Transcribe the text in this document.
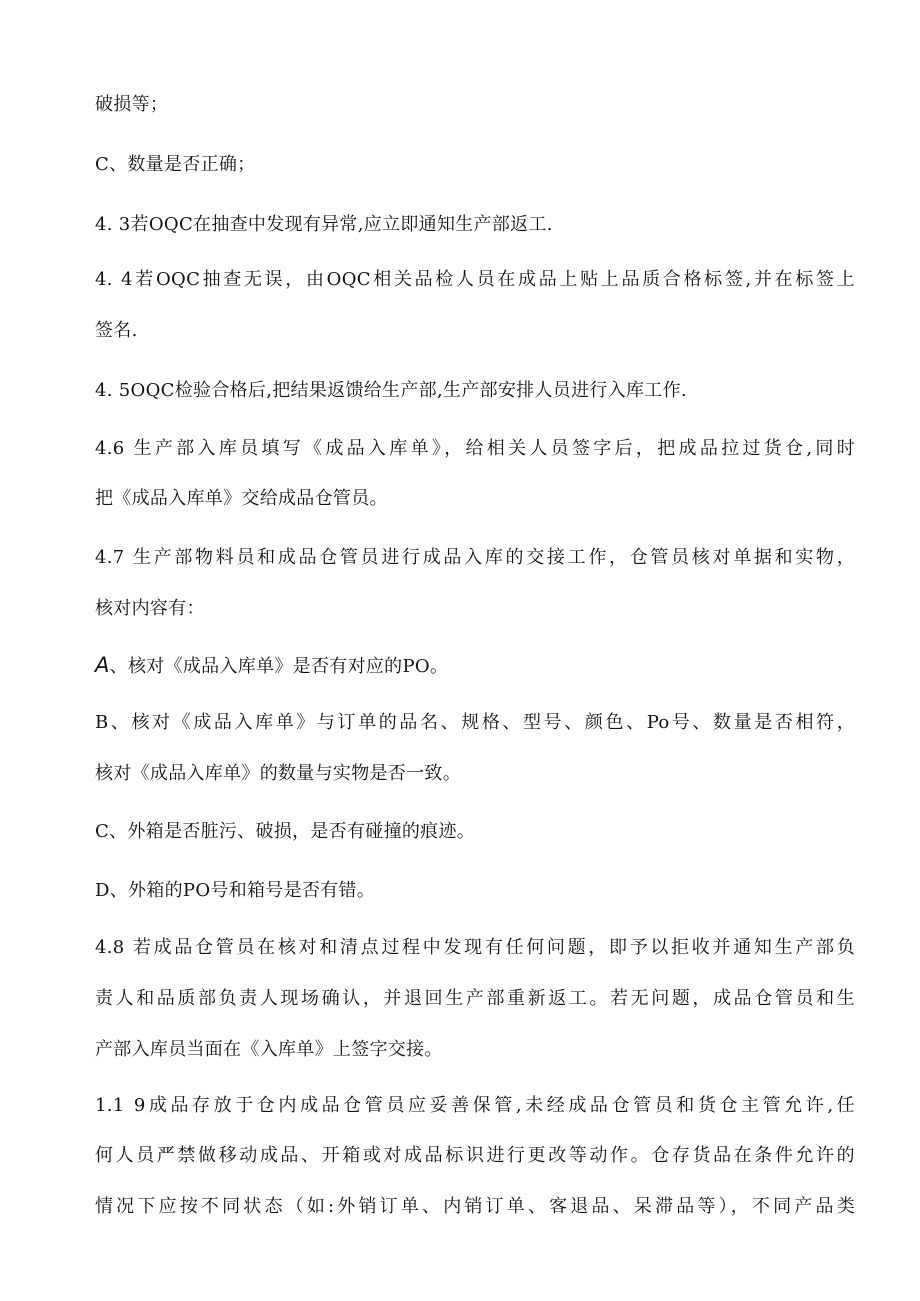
破损等；
C、数量是否正确；
4. 3若OQC在抽查中发现有异常,应立即通知生产部返工.
4. 4若OQC抽查无误，由OQC相关品检人员在成品上贴上品质合格标签,并在标签上
签名.
4. 5OQC检验合格后,把结果返馈给生产部,生产部安排人员进行入库工作.
4.6 生产部入库员填写《成品入库单》，给相关人员签字后，把成品拉过货仓,同时
把《成品入库单》交给成品仓管员。
4.7 生产部物料员和成品仓管员进行成品入库的交接工作，仓管员核对单据和实物，
核对内容有：
A、核对《成品入库单》是否有对应的PO。
B、核对《成品入库单》与订单的品名、规格、型号、颜色、Po号、数量是否相符，
核对《成品入库单》的数量与实物是否一致。
C、外箱是否脏污、破损，是否有碰撞的痕迹。
D、外箱的PO号和箱号是否有错。
4.8 若成品仓管员在核对和清点过程中发现有任何问题，即予以拒收并通知生产部负
责人和品质部负责人现场确认，并退回生产部重新返工。若无问题，成品仓管员和生
产部入库员当面在《入库单》上签字交接。
1.1 9成品存放于仓内成品仓管员应妥善保管,未经成品仓管员和货仓主管允许,任
何人员严禁做移动成品、开箱或对成品标识进行更改等动作。仓存货品在条件允许的
情况下应按不同状态（如:外销订单、内销订单、客退品、呆滞品等），不同产品类
